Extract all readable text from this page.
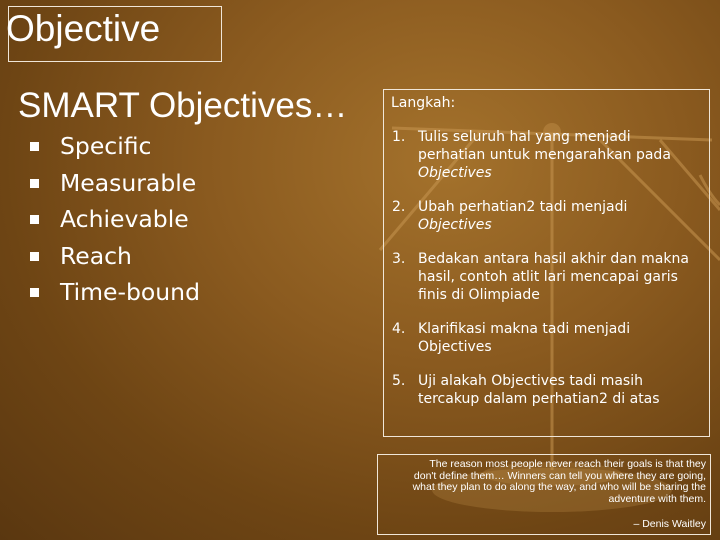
Objective
SMART Objectives…
Specific
Measurable
Achievable
Reach
Time-bound
Langkah:
1. Tulis seluruh hal yang menjadi perhatian untuk mengarahkan pada Objectives
2. Ubah perhatian2 tadi menjadi Objectives
3. Bedakan antara hasil akhir dan makna hasil, contoh atlit lari mencapai garis finis di Olimpiade
4. Klarifikasi makna tadi menjadi Objectives
5. Uji alakah Objectives tadi masih tercakup dalam perhatian2 di atas
The reason most people never reach their goals is that they don't define them… Winners can tell you where they are going, what they plan to do along the way, and who will be sharing the adventure with them.
– Denis Waitley
